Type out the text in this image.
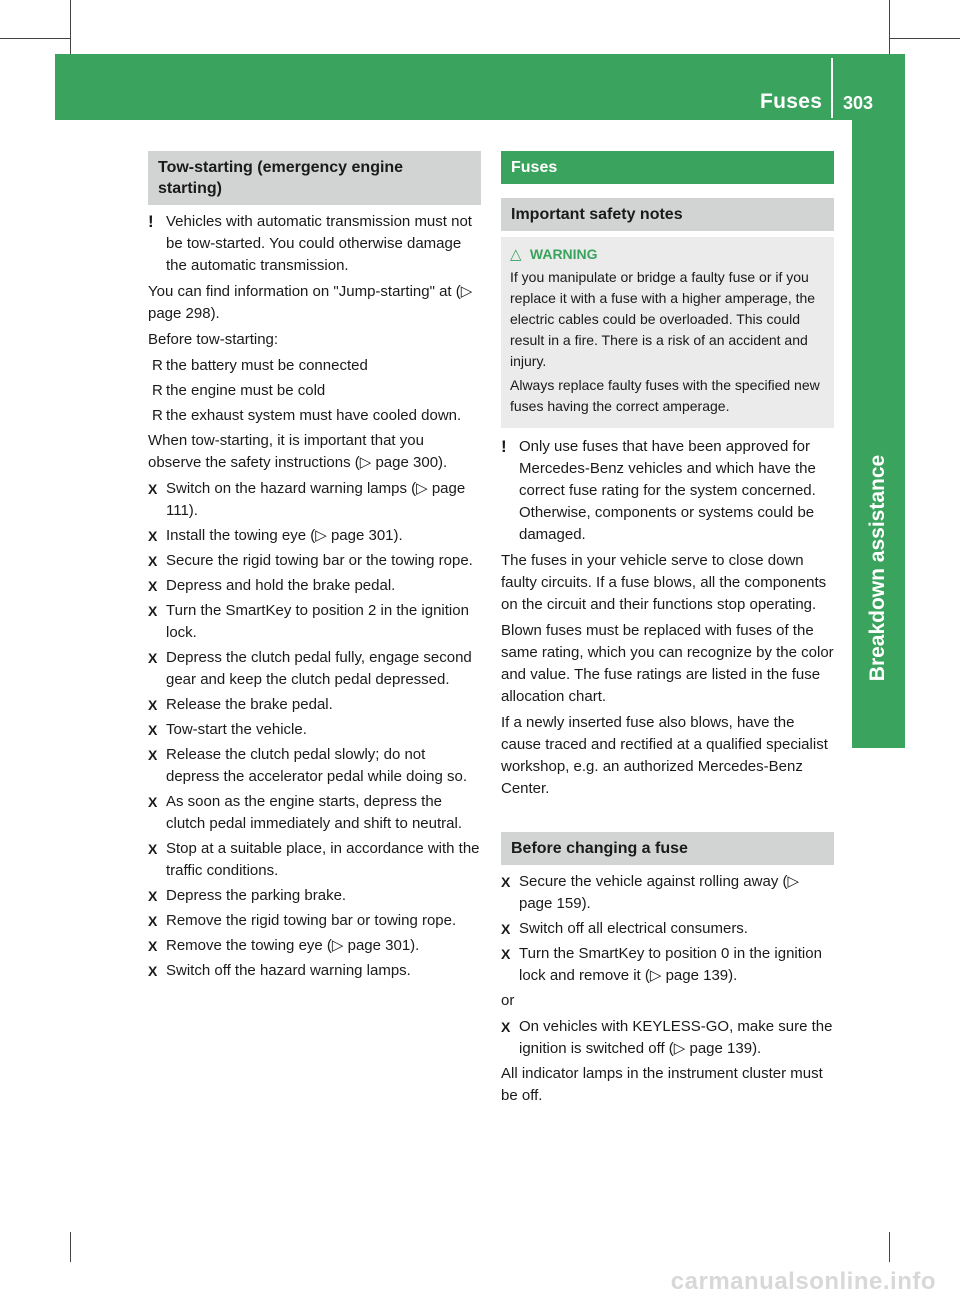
Fuses 303
Breakdown assistance
Tow-starting (emergency engine starting)
! Vehicles with automatic transmission must not be tow-started. You could otherwise damage the automatic transmission.

You can find information on "Jump-starting" at (▷ page 298).

Before tow-starting:

R the battery must be connected
R the engine must be cold
R the exhaust system must have cooled down.

When tow-starting, it is important that you observe the safety instructions (▷ page 300).

X Switch on the hazard warning lamps (▷ page 111).
X Install the towing eye (▷ page 301).
X Secure the rigid towing bar or the towing rope.
X Depress and hold the brake pedal.
X Turn the SmartKey to position 2 in the ignition lock.
X Depress the clutch pedal fully, engage second gear and keep the clutch pedal depressed.
X Release the brake pedal.
X Tow-start the vehicle.
X Release the clutch pedal slowly; do not depress the accelerator pedal while doing so.
X As soon as the engine starts, depress the clutch pedal immediately and shift to neutral.
X Stop at a suitable place, in accordance with the traffic conditions.
X Depress the parking brake.
X Remove the rigid towing bar or towing rope.
X Remove the towing eye (▷ page 301).
X Switch off the hazard warning lamps.
Fuses
Important safety notes
△ WARNING

If you manipulate or bridge a faulty fuse or if you replace it with a fuse with a higher amperage, the electric cables could be overloaded. This could result in a fire. There is a risk of an accident and injury.

Always replace faulty fuses with the specified new fuses having the correct amperage.

! Only use fuses that have been approved for Mercedes-Benz vehicles and which have the correct fuse rating for the system concerned. Otherwise, components or systems could be damaged.

The fuses in your vehicle serve to close down faulty circuits. If a fuse blows, all the components on the circuit and their functions stop operating.

Blown fuses must be replaced with fuses of the same rating, which you can recognize by the color and value. The fuse ratings are listed in the fuse allocation chart.

If a newly inserted fuse also blows, have the cause traced and rectified at a qualified specialist workshop, e.g. an authorized Mercedes-Benz Center.

Before changing a fuse
X Secure the vehicle against rolling away (▷ page 159).
X Switch off all electrical consumers.
X Turn the SmartKey to position 0 in the ignition lock and remove it (▷ page 139).

or

X On vehicles with KEYLESS-GO, make sure the ignition is switched off (▷ page 139).

All indicator lamps in the instrument cluster must be off.

carmanualsonline.info
